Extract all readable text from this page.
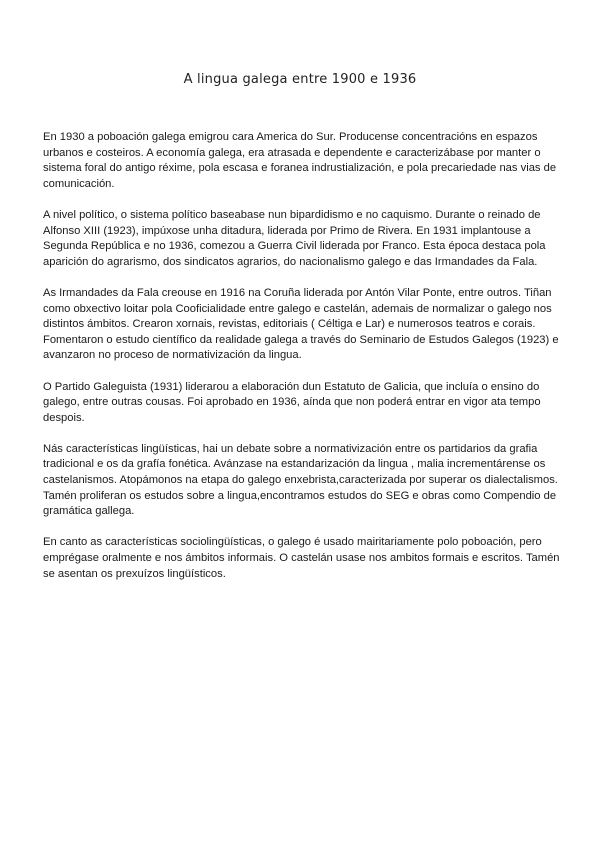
A lingua galega entre 1900 e 1936

En 1930 a poboación galega emigrou cara America do Sur. Producense concentracións en espazos urbanos e costeiros. A economía galega, era atrasada e dependente e caracterizábase por manter o sistema foral do antigo réxime, pola escasa e foranea indrustialización, e pola precariedade nas vias de comunicación.

A nivel político, o sistema político baseabase nun bipardidismo e no caquismo. Durante o reinado de Alfonso XIII (1923), impúxose unha ditadura, liderada por Primo de Rivera. En 1931 implantouse a Segunda República e no 1936, comezou a Guerra Civil liderada por Franco. Esta época destaca pola aparición do agrarismo, dos sindicatos agrarios, do nacionalismo galego e das Irmandades da Fala.

As Irmandades da Fala creouse en 1916 na Coruña liderada por Antón Vilar Ponte, entre outros. Tiñan como obxectivo loitar pola Cooficialidade entre galego e castelán, ademais de normalizar o galego nos distintos ámbitos. Crearon xornais, revistas, editoriais ( Céltiga e Lar) e numerosos teatros e corais. Fomentaron o estudo científico da realidade galega a través do Seminario de Estudos Galegos (1923) e avanzaron no proceso de normativización da lingua.

O Partido Galeguista (1931) liderarou a elaboración dun Estatuto de Galicia, que incluía o ensino do galego, entre outras cousas. Foi aprobado en 1936, aínda que non poderá entrar en vigor ata tempo despois.

Nás características lingüísticas, hai un debate sobre a normativización entre os partidarios da grafia tradicional e os da grafía fonética. Avánzase na estandarización da lingua , malia incrementárense os castelanismos. Atopámonos na etapa do galego enxebrista,caracterizada por superar os dialectalismos. Tamén proliferan os estudos sobre a lingua,encontramos estudos do SEG e obras como Compendio de gramática gallega.

En canto as características sociolingüísticas, o galego é usado mairitariamente polo poboación, pero emprégase oralmente e nos ámbitos informais. O castelán usase nos ambitos formais e escritos. Tamén se asentan os prexuízos lingüísticos.
